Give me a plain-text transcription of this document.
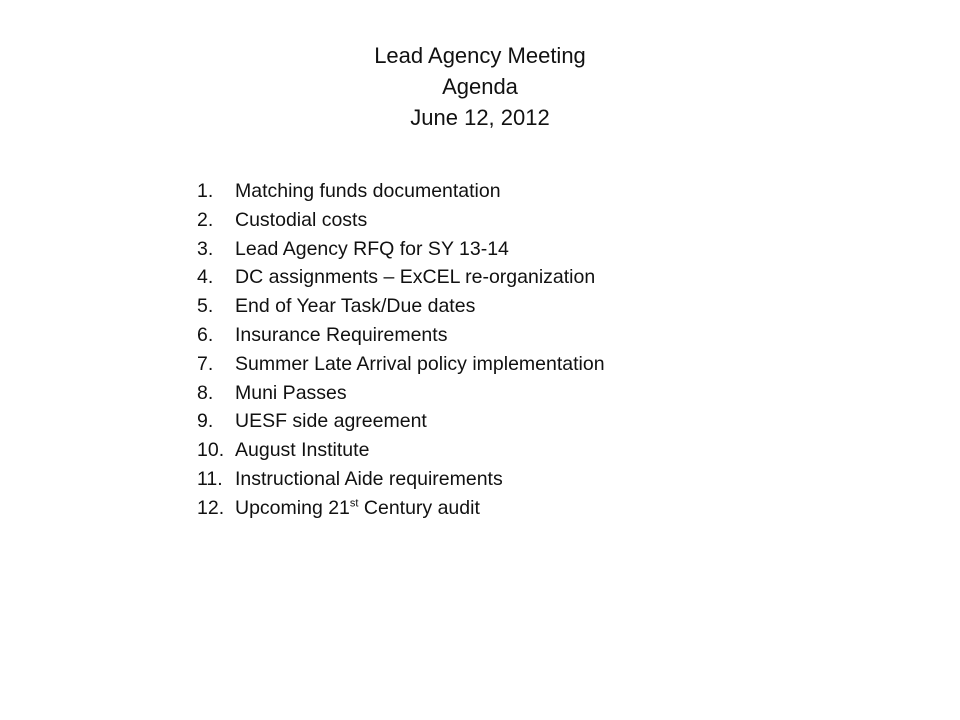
Lead Agency Meeting
Agenda
June 12, 2012
1. Matching funds documentation
2. Custodial costs
3. Lead Agency RFQ for SY 13-14
4. DC assignments – ExCEL re-organization
5. End of Year Task/Due dates
6. Insurance Requirements
7. Summer Late Arrival policy implementation
8. Muni Passes
9. UESF side agreement
10. August Institute
11. Instructional Aide requirements
12. Upcoming 21st Century audit
